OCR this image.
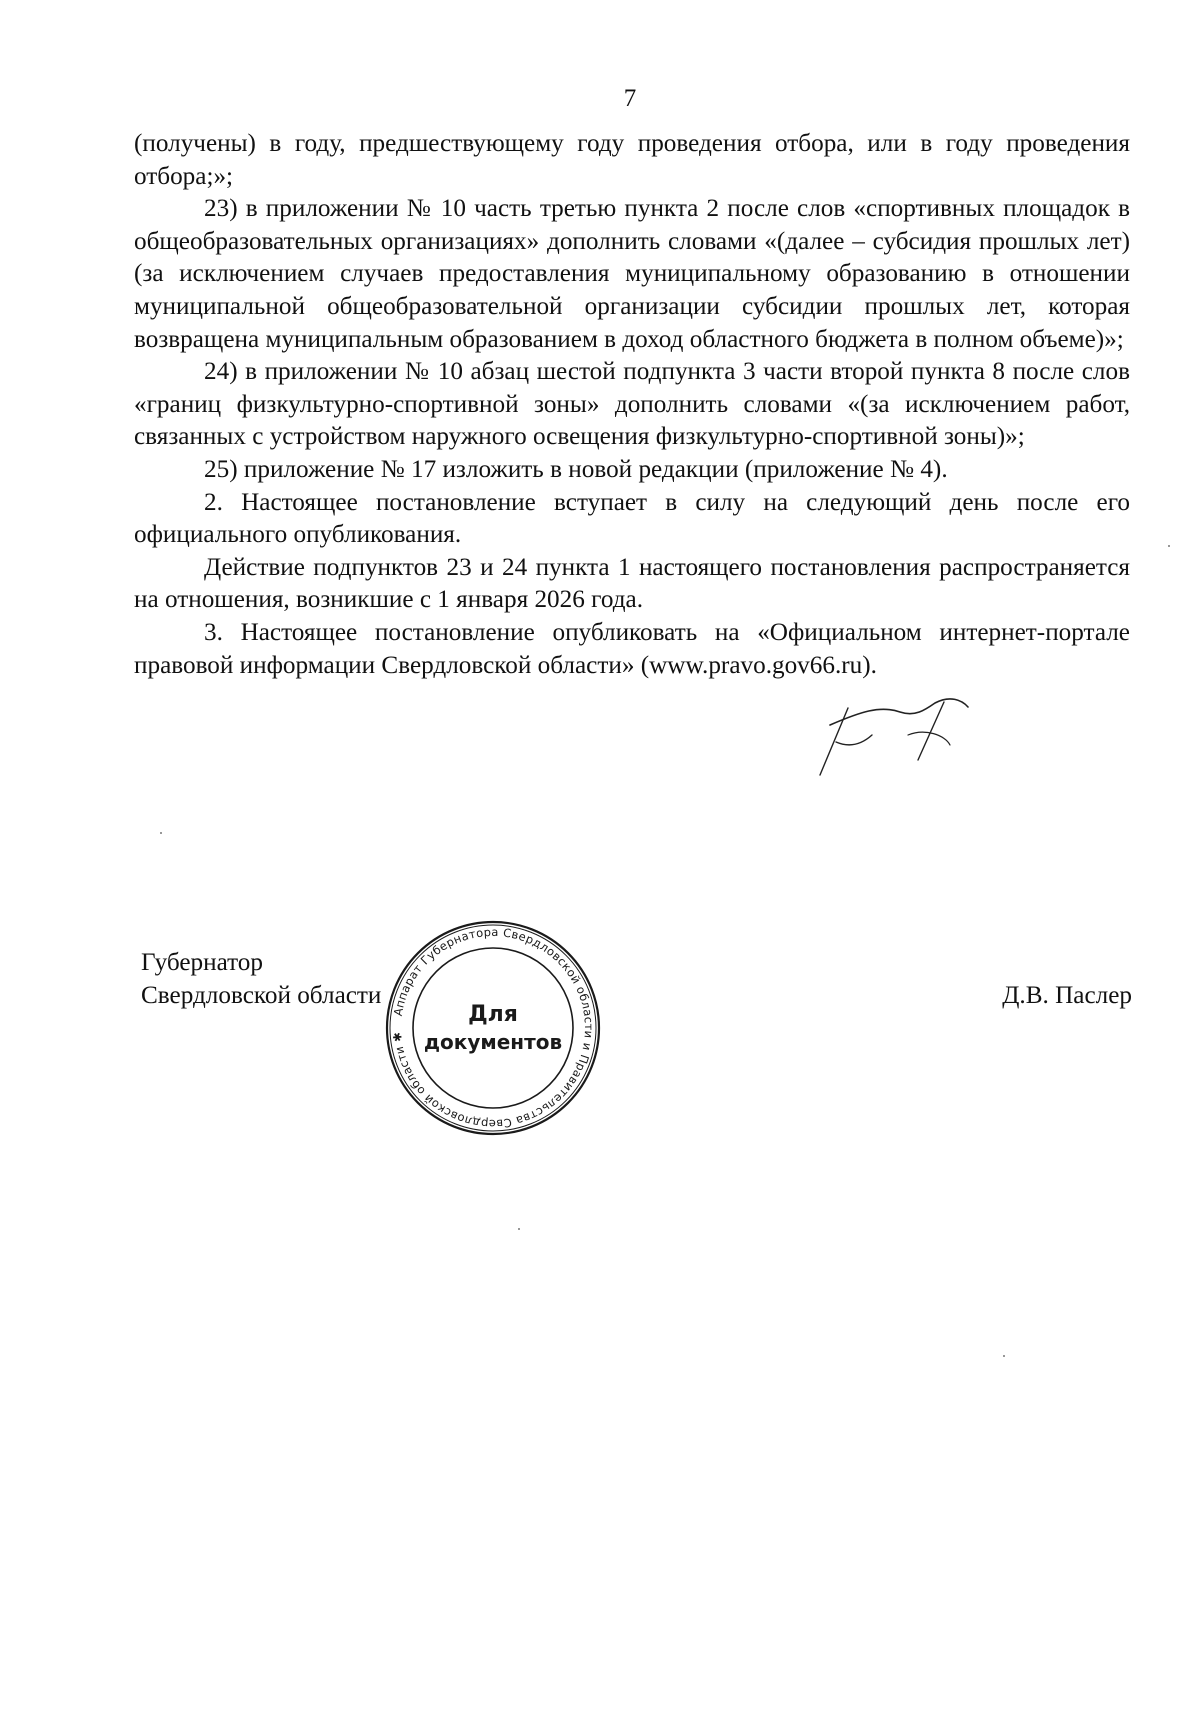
7

(получены) в году, предшествующему году проведения отбора, или в году проведения отбора;»;

23) в приложении № 10 часть третью пункта 2 после слов «спортивных площадок в общеобразовательных организациях» дополнить словами «(далее – субсидия прошлых лет) (за исключением случаев предоставления муниципальному образованию в отношении муниципальной общеобразовательной организации субсидии прошлых лет, которая возвращена муниципальным образованием в доход областного бюджета в полном объеме)»;

24) в приложении № 10 абзац шестой подпункта 3 части второй пункта 8 после слов «границ физкультурно-спортивной зоны» дополнить словами «(за исключением работ, связанных с устройством наружного освещения физкультурно-спортивной зоны)»;

25) приложение № 17 изложить в новой редакции (приложение № 4).

2. Настоящее постановление вступает в силу на следующий день после его официального опубликования.

Действие подпунктов 23 и 24 пункта 1 настоящего постановления распространяется на отношения, возникшие с 1 января 2026 года.

3. Настоящее постановление опубликовать на «Официальном интернет-портале правовой информации Свердловской области» (www.pravo.gov66.ru).

Губернатор
Свердловской области	Д.В. Паслер
Аппарат Губернатора Свердловской области и Правительства Свердловской области ✱
Для
документов
